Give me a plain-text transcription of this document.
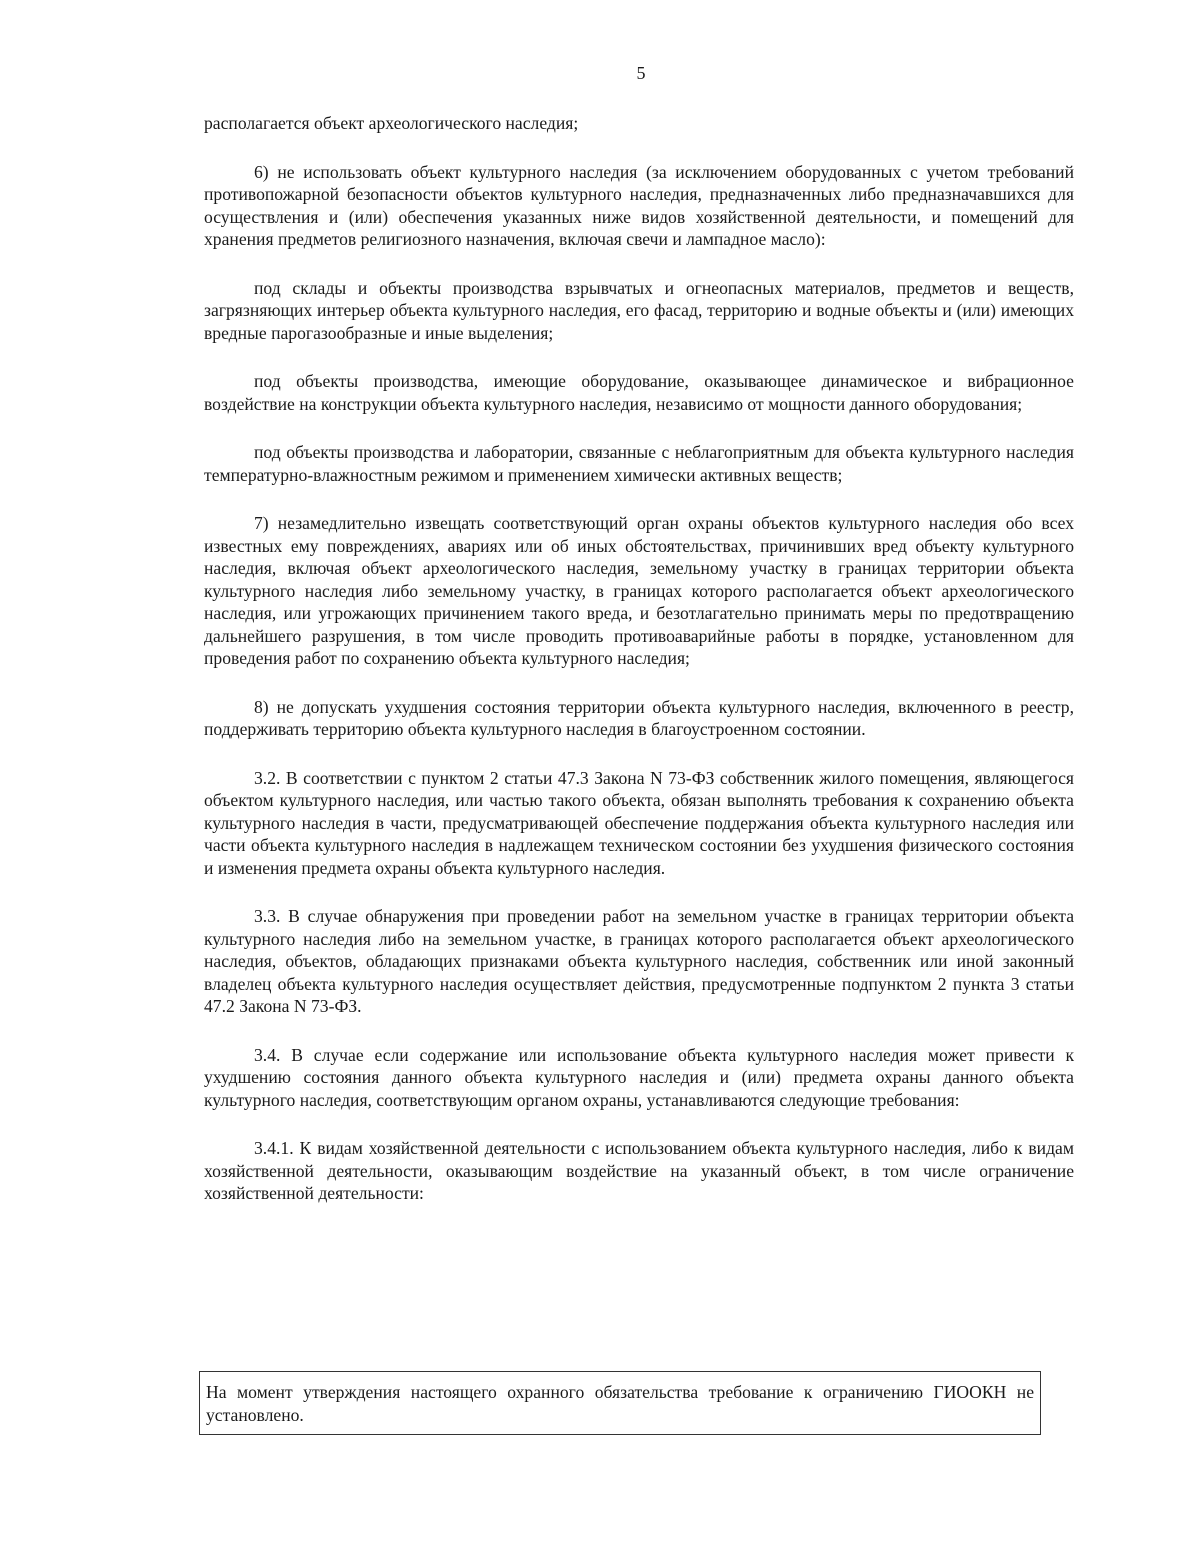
5

располагается объект археологического наследия;

6) не использовать объект культурного наследия (за исключением оборудованных с учетом требований противопожарной безопасности объектов культурного наследия, предназначенных либо предназначавшихся для осуществления и (или) обеспечения указанных ниже видов хозяйственной деятельности, и помещений для хранения предметов религиозного назначения, включая свечи и лампадное масло):

под склады и объекты производства взрывчатых и огнеопасных материалов, предметов и веществ, загрязняющих интерьер объекта культурного наследия, его фасад, территорию и водные объекты и (или) имеющих вредные парогазообразные и иные выделения;

под объекты производства, имеющие оборудование, оказывающее динамическое и вибрационное воздействие на конструкции объекта культурного наследия, независимо от мощности данного оборудования;

под объекты производства и лаборатории, связанные с неблагоприятным для объекта культурного наследия температурно-влажностным режимом и применением химически активных веществ;

7) незамедлительно извещать соответствующий орган охраны объектов культурного наследия обо всех известных ему повреждениях, авариях или об иных обстоятельствах, причинивших вред объекту культурного наследия, включая объект археологического наследия, земельному участку в границах территории объекта культурного наследия либо земельному участку, в границах которого располагается объект археологического наследия, или угрожающих причинением такого вреда, и безотлагательно принимать меры по предотвращению дальнейшего разрушения, в том числе проводить противоаварийные работы в порядке, установленном для проведения работ по сохранению объекта культурного наследия;

8) не допускать ухудшения состояния территории объекта культурного наследия, включенного в реестр, поддерживать территорию объекта культурного наследия в благоустроенном состоянии.

3.2. В соответствии с пунктом 2 статьи 47.3 Закона N 73-ФЗ собственник жилого помещения, являющегося объектом культурного наследия, или частью такого объекта, обязан выполнять требования к сохранению объекта культурного наследия в части, предусматривающей обеспечение поддержания объекта культурного наследия или части объекта культурного наследия в надлежащем техническом состоянии без ухудшения физического состояния и изменения предмета охраны объекта культурного наследия.

3.3. В случае обнаружения при проведении работ на земельном участке в границах территории объекта культурного наследия либо на земельном участке, в границах которого располагается объект археологического наследия, объектов, обладающих признаками объекта культурного наследия, собственник или иной законный владелец объекта культурного наследия осуществляет действия, предусмотренные подпунктом 2 пункта 3 статьи 47.2 Закона N 73-ФЗ.

3.4. В случае если содержание или использование объекта культурного наследия может привести к ухудшению состояния данного объекта культурного наследия и (или) предмета охраны данного объекта культурного наследия, соответствующим органом охраны, устанавливаются следующие требования:

3.4.1. К видам хозяйственной деятельности с использованием объекта культурного наследия, либо к видам хозяйственной деятельности, оказывающим воздействие на указанный объект, в том числе ограничение хозяйственной деятельности:

На момент утверждения настоящего охранного обязательства требование к ограничению ГИООКН не установлено.
